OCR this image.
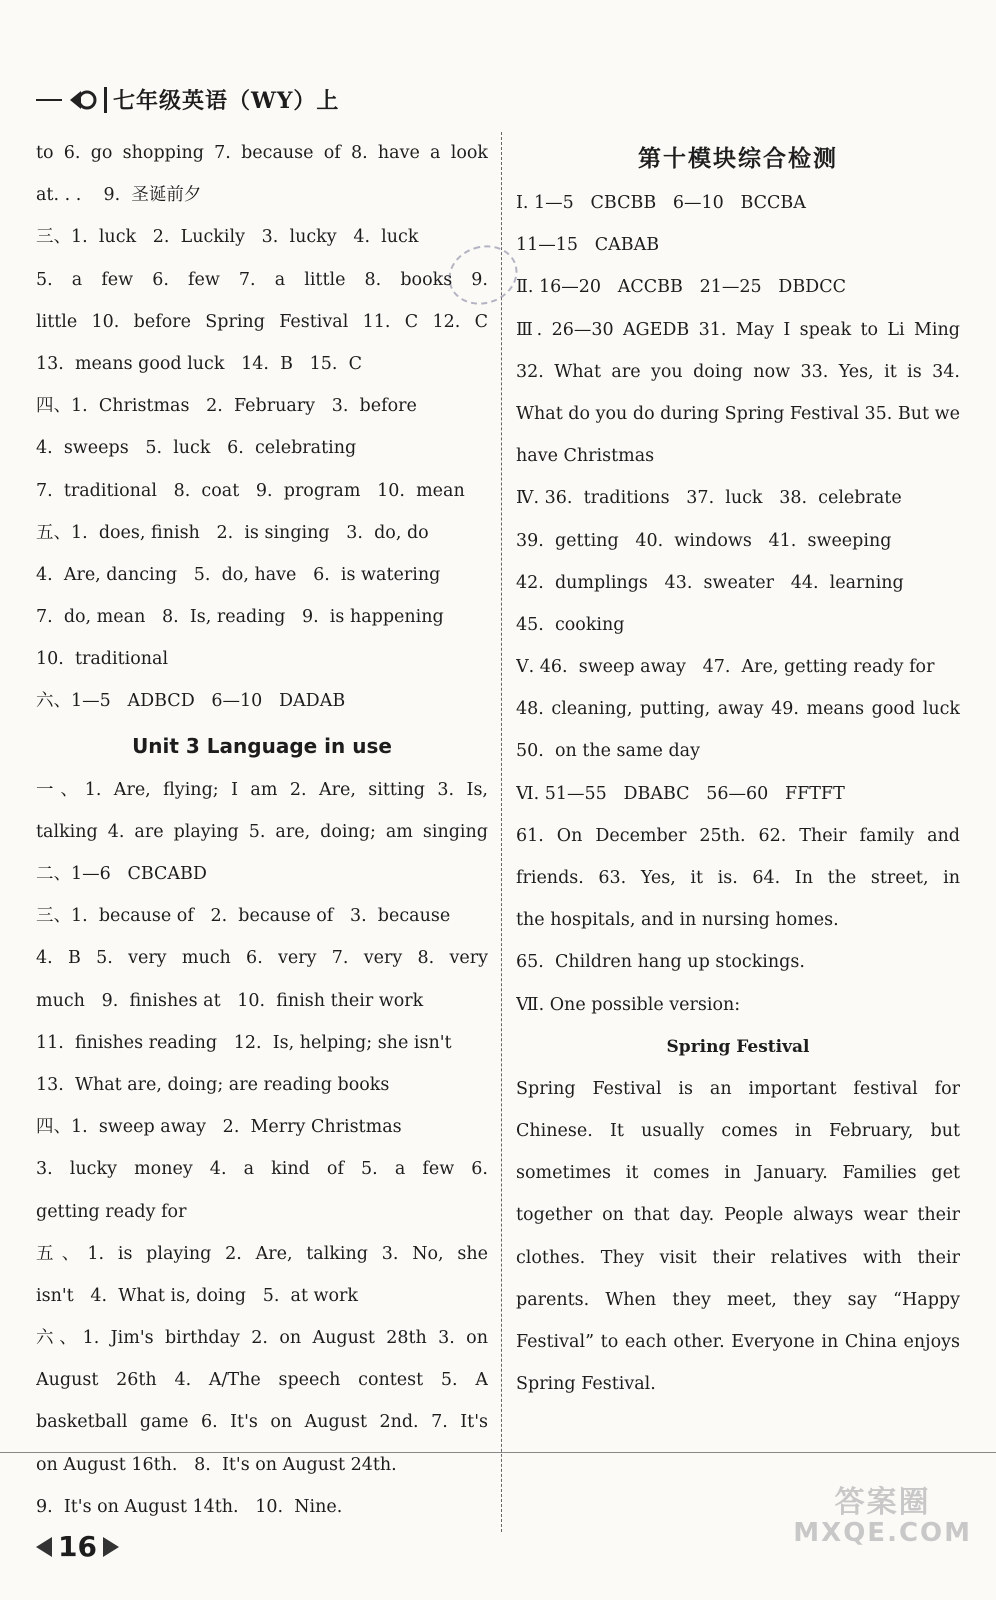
七年级英语（WY）上
to 6. go shopping 7. because of 8. have a look
at. . .    9.  圣诞前夕
三、1.  luck   2.  Luckily   3.  lucky   4.  luck
5. a few 6. few 7. a little 8. books 9.
little 10. before Spring Festival 11. C 12. C
13.  means good luck   14.  B   15.  C
四、1.  Christmas   2.  February   3.  before
4.  sweeps   5.  luck   6.  celebrating
7.  traditional   8.  coat   9.  program   10.  mean
五、1.  does, finish   2.  is singing   3.  do, do
4.  Are, dancing   5.  do, have   6.  is watering
7.  do, mean   8.  Is, reading   9.  is happening
10.  traditional
六、1—5   ADBCD   6—10   DADAB
Unit 3 Language in use
一、1. Are, flying; I am 2. Are, sitting 3. Is,
talking 4. are playing 5. are, doing; am singing
二、1—6   CBCABD
三、1.  because of   2.  because of   3.  because
4. B 5. very much 6. very 7. very 8. very
much   9.  finishes at   10.  finish their work
11.  finishes reading   12.  Is, helping; she isn't
13.  What are, doing; are reading books
四、1.  sweep away   2.  Merry Christmas
3. lucky money 4. a kind of 5. a few 6.
getting ready for
五、1. is playing 2. Are, talking 3. No, she
isn't   4.  What is, doing   5.  at work
六、1. Jim's birthday 2. on August 28th 3. on
August 26th 4. A/The speech contest 5. A
basketball game 6. It's on August 2nd. 7. It's
on August 16th.   8.  It's on August 24th.
9.  It's on August 14th.   10.  Nine.
第十模块综合检测
Ⅰ. 1—5   CBCBB   6—10   BCCBA
11—15   CABAB
Ⅱ. 16—20   ACCBB   21—25   DBDCC
Ⅲ. 26—30 AGEDB 31. May I speak to Li Ming
32. What are you doing now 33. Yes, it is 34.
What do you do during Spring Festival 35. But we
have Christmas
Ⅳ. 36.  traditions   37.  luck   38.  celebrate
39.  getting   40.  windows   41.  sweeping
42.  dumplings   43.  sweater   44.  learning
45.  cooking
Ⅴ. 46.  sweep away   47.  Are, getting ready for
48. cleaning, putting, away 49. means good luck
50.  on the same day
Ⅵ. 51—55   DBABC   56—60   FFTFT
61. On December 25th. 62. Their family and
friends. 63. Yes, it is. 64. In the street, in
the hospitals, and in nursing homes.
65.  Children hang up stockings.
Ⅶ. One possible version:
Spring Festival
Spring Festival is an important festival for
Chinese. It usually comes in February, but
sometimes it comes in January. Families get
together on that day. People always wear their
clothes. They visit their relatives with their
parents. When they meet, they say “Happy
Festival” to each other. Everyone in China enjoys
Spring Festival.
16
答案圈
MXQE.COM
